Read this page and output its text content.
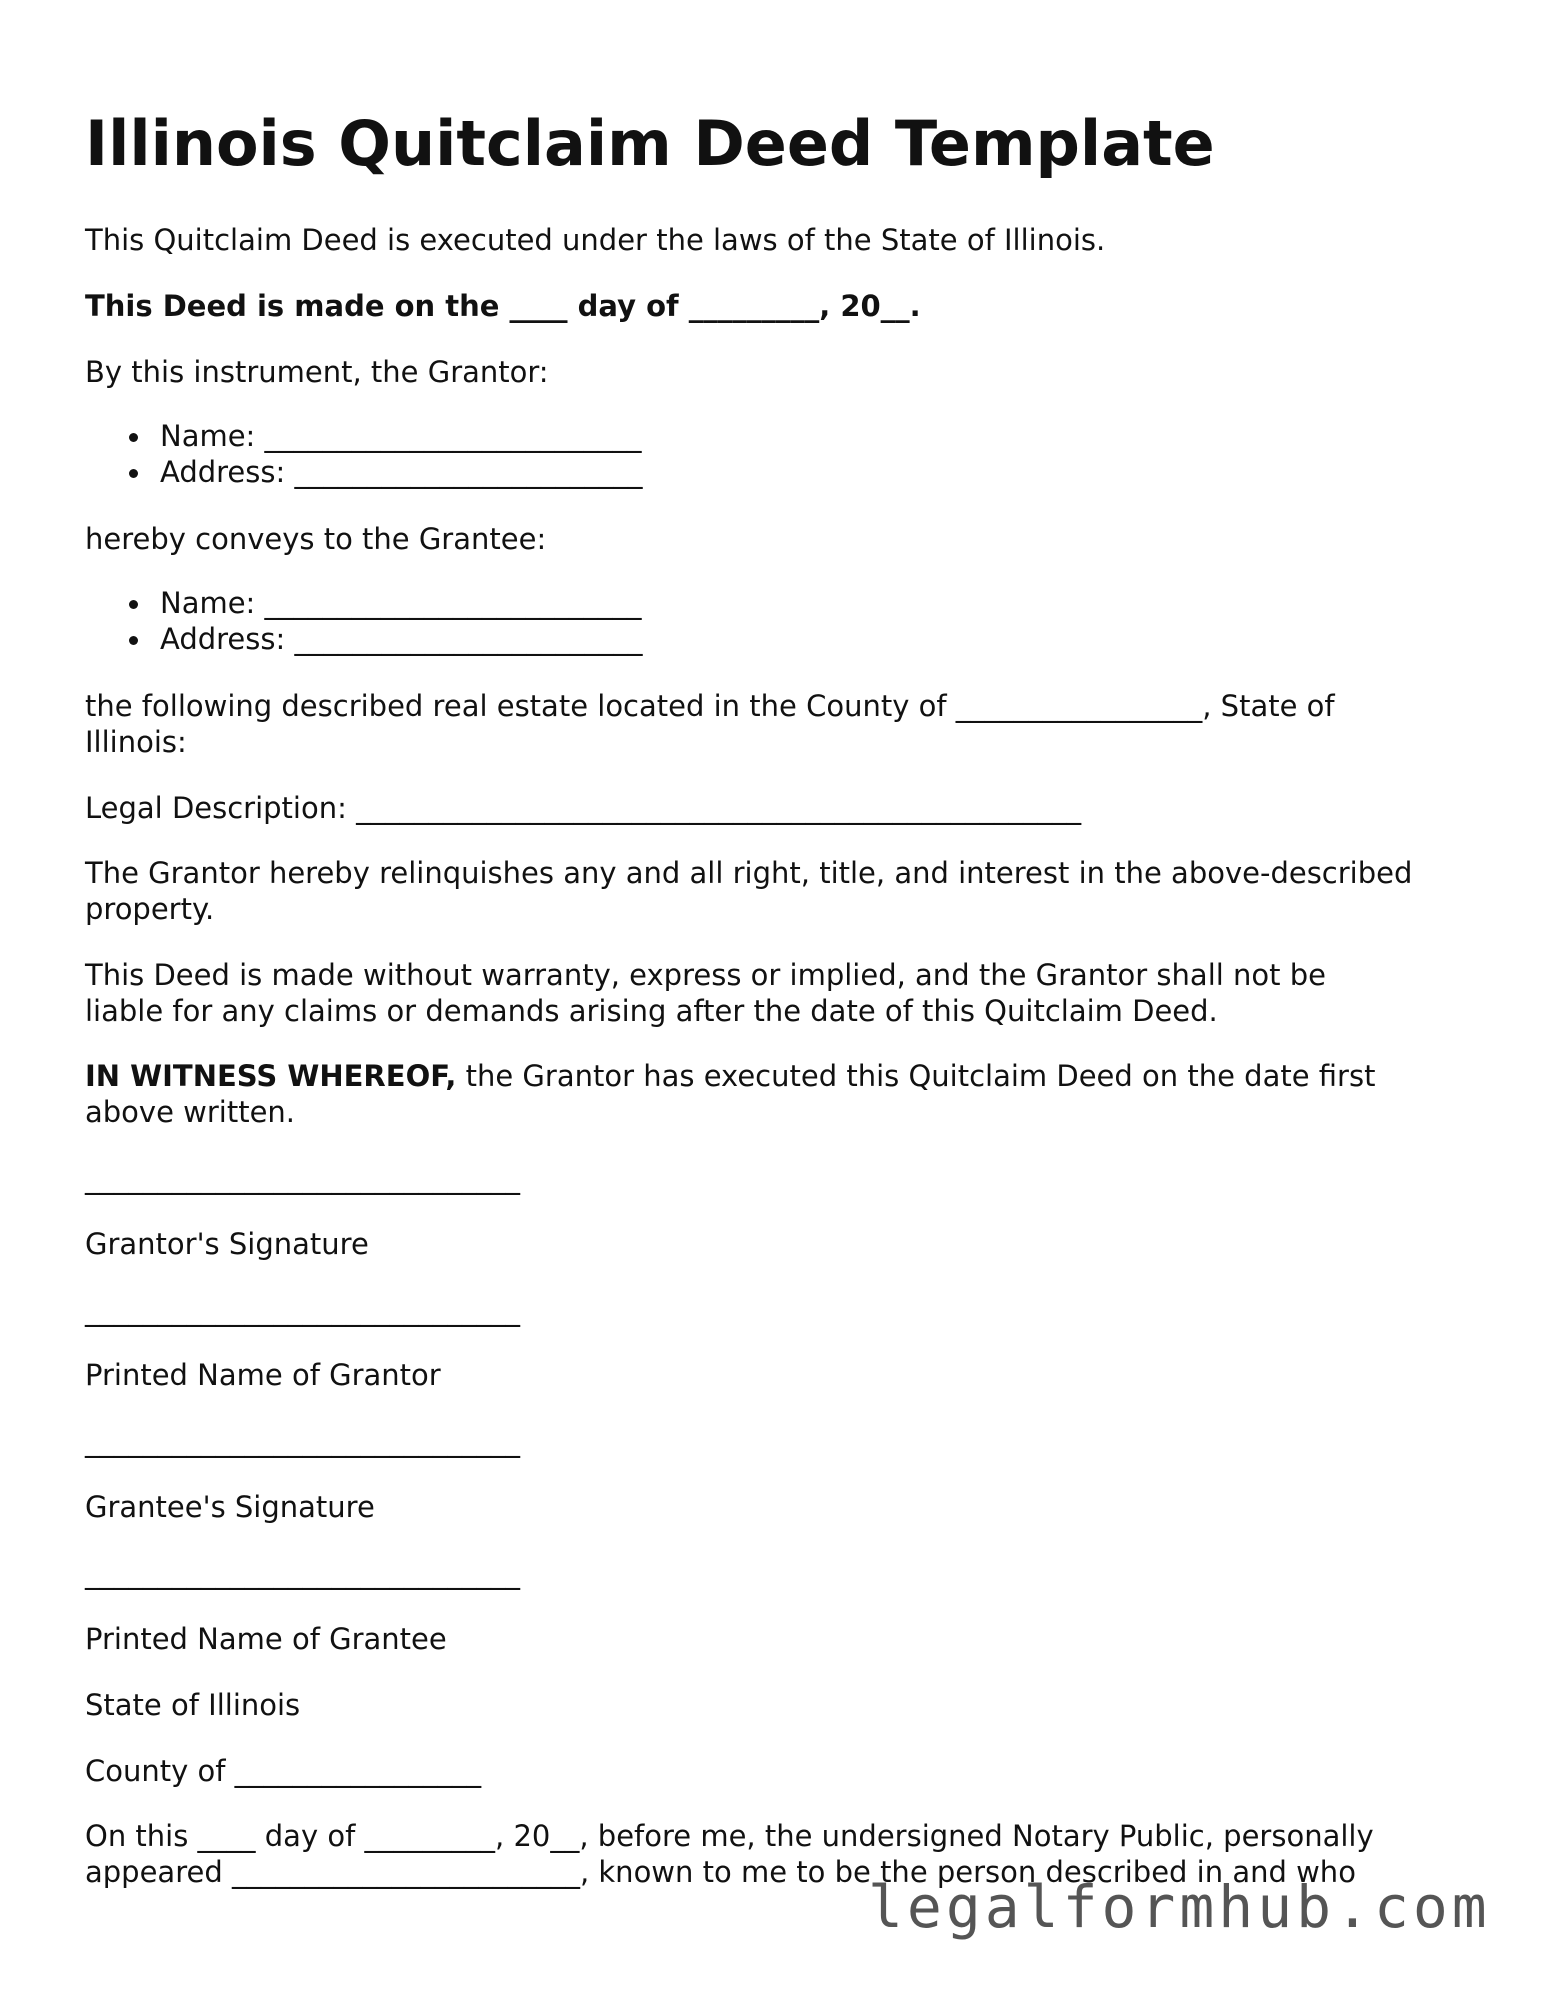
Illinois Quitclaim Deed Template

This Quitclaim Deed is executed under the laws of the State of Illinois.

This Deed is made on the ____ day of _________, 20__.

By this instrument, the Grantor:

Name: __________________________
Address: ________________________

hereby conveys to the Grantee:

Name: __________________________
Address: ________________________

the following described real estate located in the County of _________________, State of

Illinois:

Legal Description: __________________________________________________

The Grantor hereby relinquishes any and all right, title, and interest in the above-described

property.

This Deed is made without warranty, express or implied, and the Grantor shall not be

liable for any claims or demands arising after the date of this Quitclaim Deed.

IN WITNESS WHEREOF, the Grantor has executed this Quitclaim Deed on the date first

above written.

______________________________

Grantor's Signature

______________________________

Printed Name of Grantor

______________________________

Grantee's Signature

______________________________

Printed Name of Grantee

State of Illinois

County of _________________

On this ____ day of _________, 20__, before me, the undersigned Notary Public, personally

appeared ________________________, known to me to be the person described in and who

legalformhub.com
